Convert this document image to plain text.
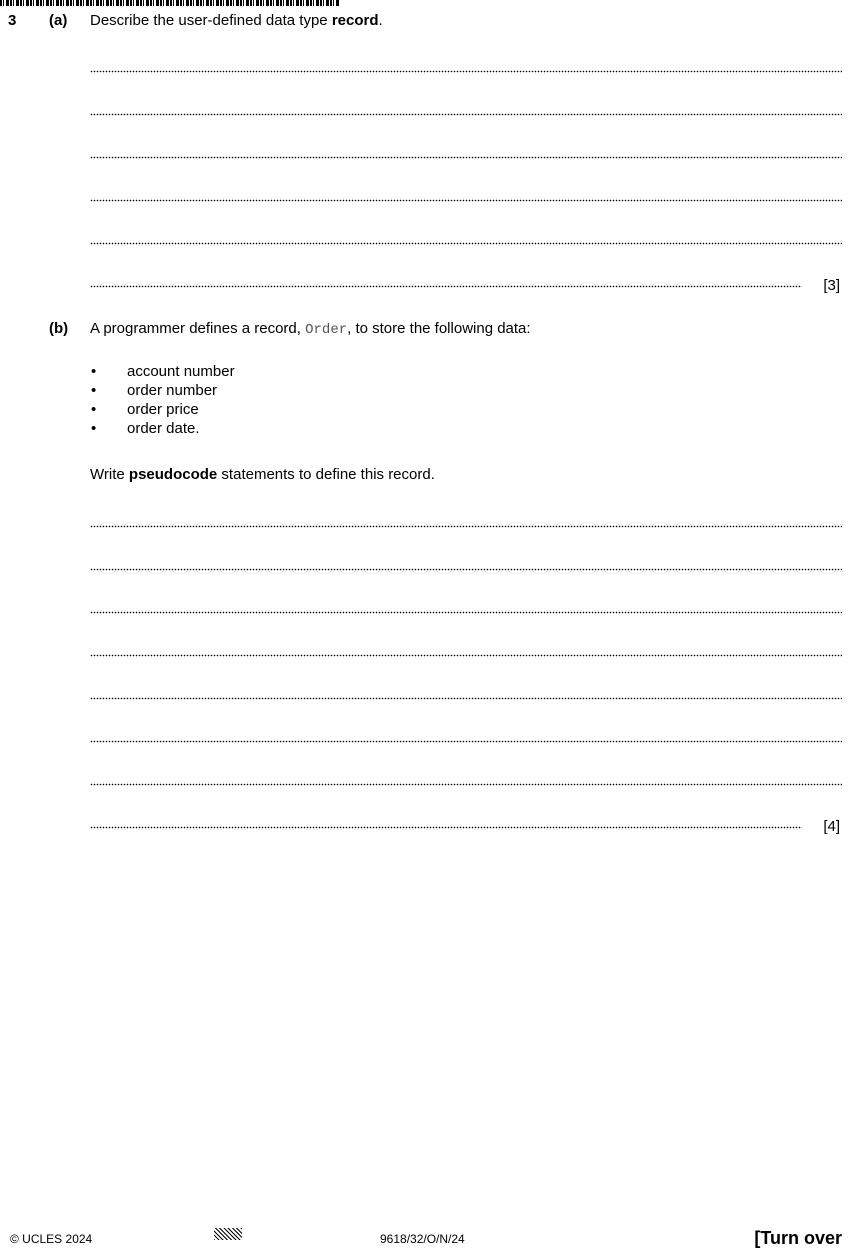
3 (a) Describe the user-defined data type record.
[3]
(b) A programmer defines a record, Order, to store the following data:
• account number
• order number
• order price
• order date.
Write pseudocode statements to define this record.
[4]
© UCLES 2024	9618/32/O/N/24	[Turn over
